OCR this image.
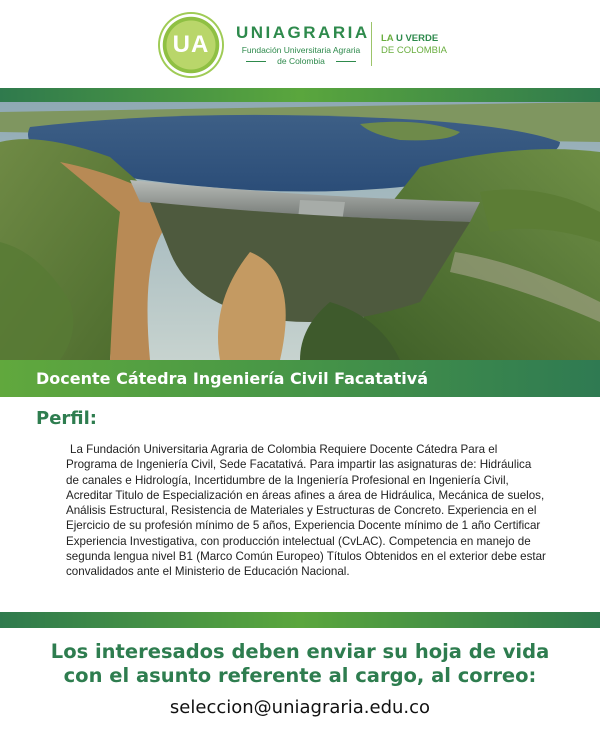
UA	UNIAGRARIA
Fundación Universitaria Agraria
de Colombia
LA U VERDE
DE COLOMBIA
Docente Cátedra Ingeniería Civil Facatativá
Perfil:
La Fundación Universitaria Agraria de Colombia Requiere Docente Cátedra Para el Programa de Ingeniería Civil, Sede Facatativá. Para impartir las asignaturas de: Hidráulica de canales e Hidrología, Incertidumbre de la Ingeniería Profesional en Ingeniería Civil, Acreditar Titulo de Especialización en áreas afines a área de Hidráulica, Mecánica de suelos, Análisis Estructural, Resistencia de Materiales y Estructuras de Concreto. Experiencia en el Ejercicio de su profesión mínimo de 5 años, Experiencia Docente mínimo de 1 año Certificar Experiencia Investigativa, con producción intelectual (CvLAC). Competencia en manejo de segunda lengua nivel B1 (Marco Común Europeo) Títulos Obtenidos en el exterior debe estar convalidados ante el Ministerio de Educación Nacional.
Los interesados deben enviar su hoja de vida
con el asunto referente al cargo, al correo:
seleccion@uniagraria.edu.co
